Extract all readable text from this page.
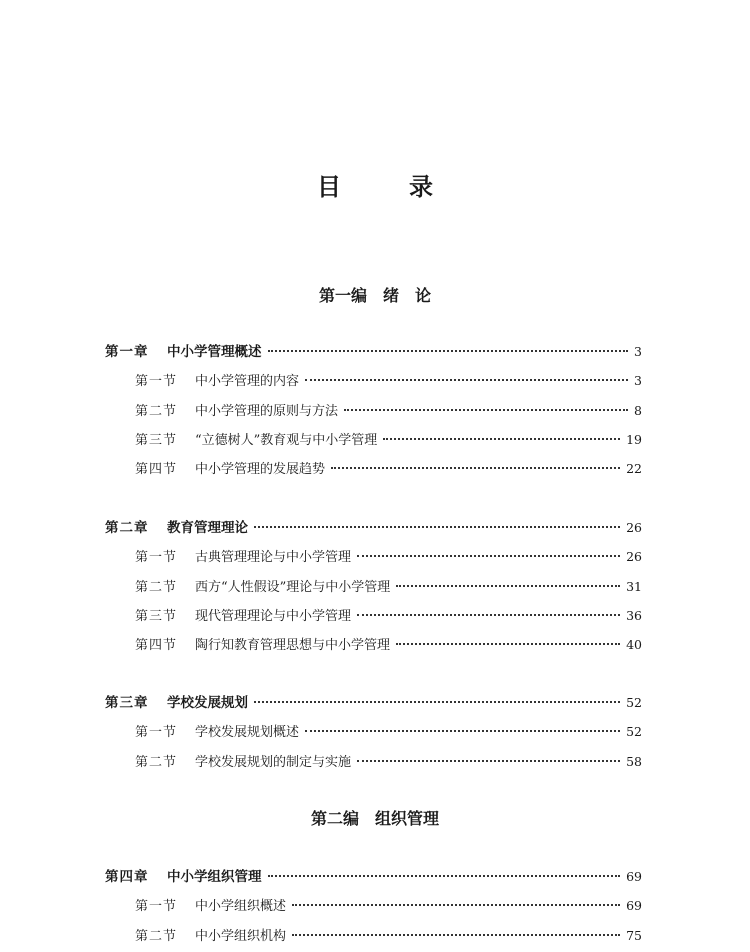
目　录
第一编　绪　论
第一章	中小学管理概述	3
第一节	中小学管理的内容	3
第二节	中小学管理的原则与方法	8
第三节	“立德树人”教育观与中小学管理	19
第四节	中小学管理的发展趋势	22
第二章	教育管理理论	26
第一节	古典管理理论与中小学管理	26
第二节	西方“人性假设”理论与中小学管理	31
第三节	现代管理理论与中小学管理	36
第四节	陶行知教育管理思想与中小学管理	40
第三章	学校发展规划	52
第一节	学校发展规划概述	52
第二节	学校发展规划的制定与实施	58
第二编　组织管理
第四章	中小学组织管理	69
第一节	中小学组织概述	69
第二节	中小学组织机构	75
